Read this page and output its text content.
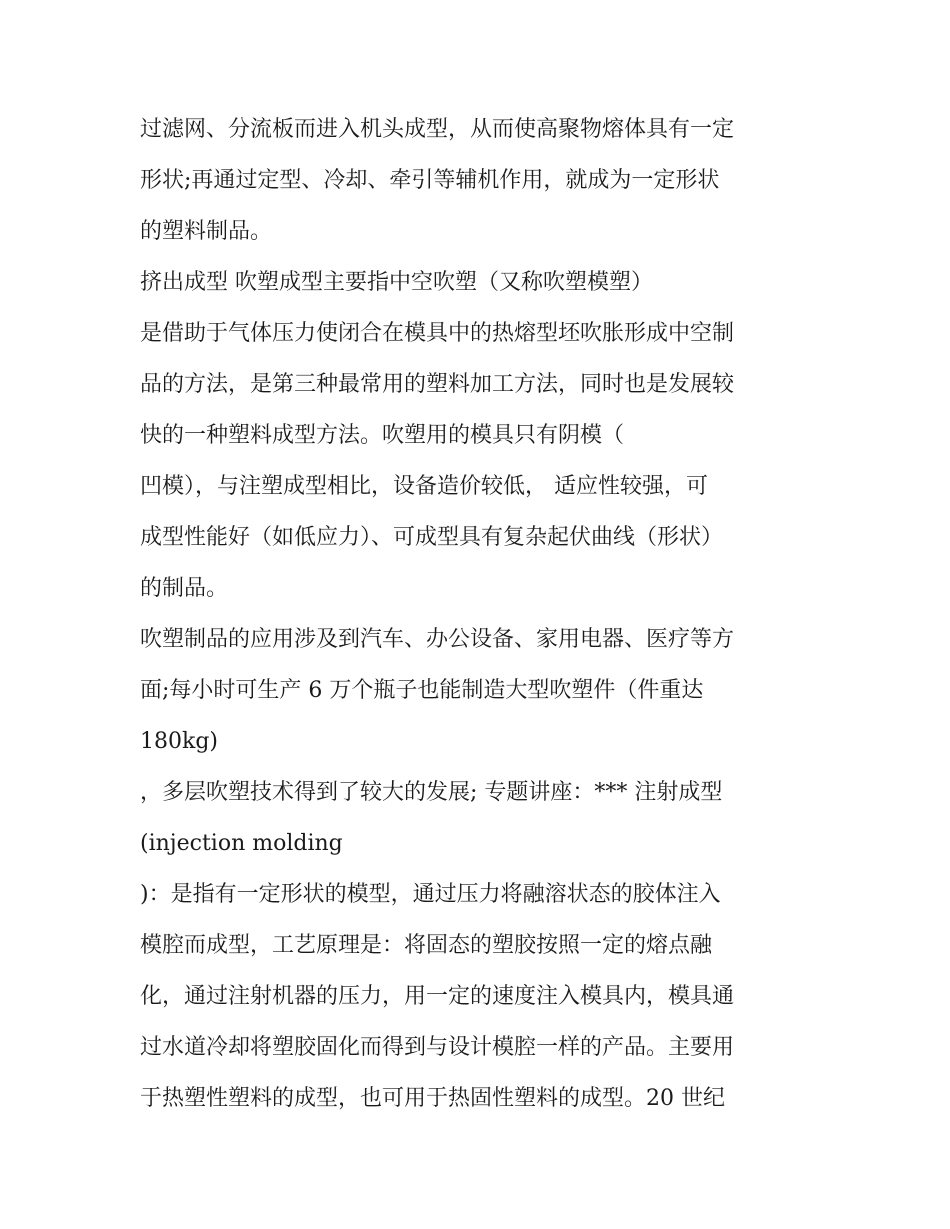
过滤网、分流板而进入机头成型，从而使高聚物熔体具有一定
形状;再通过定型、冷却、牵引等辅机作用，就成为一定形状
的塑料制品。
挤出成型 吹塑成型主要指中空吹塑（又称吹塑模塑）
是借助于气体压力使闭合在模具中的热熔型坯吹胀形成中空制
品的方法，是第三种最常用的塑料加工方法，同时也是发展较
快的一种塑料成型方法。吹塑用的模具只有阴模（
凹模），与注塑成型相比，设备造价较低， 适应性较强，可
成型性能好（如低应力）、可成型具有复杂起伏曲线（形状）
的制品。
吹塑制品的应用涉及到汽车、办公设备、家用电器、医疗等方
面;每小时可生产 6 万个瓶子也能制造大型吹塑件（件重达
180kg)
，多层吹塑技术得到了较大的发展; 专题讲座：*** 注射成型
(injection molding
)：是指有一定形状的模型，通过压力将融溶状态的胶体注入
模腔而成型，工艺原理是：将固态的塑胶按照一定的熔点融
化，通过注射机器的压力，用一定的速度注入模具内，模具通
过水道冷却将塑胶固化而得到与设计模腔一样的产品。主要用
于热塑性塑料的成型，也可用于热固性塑料的成型。20 世纪
